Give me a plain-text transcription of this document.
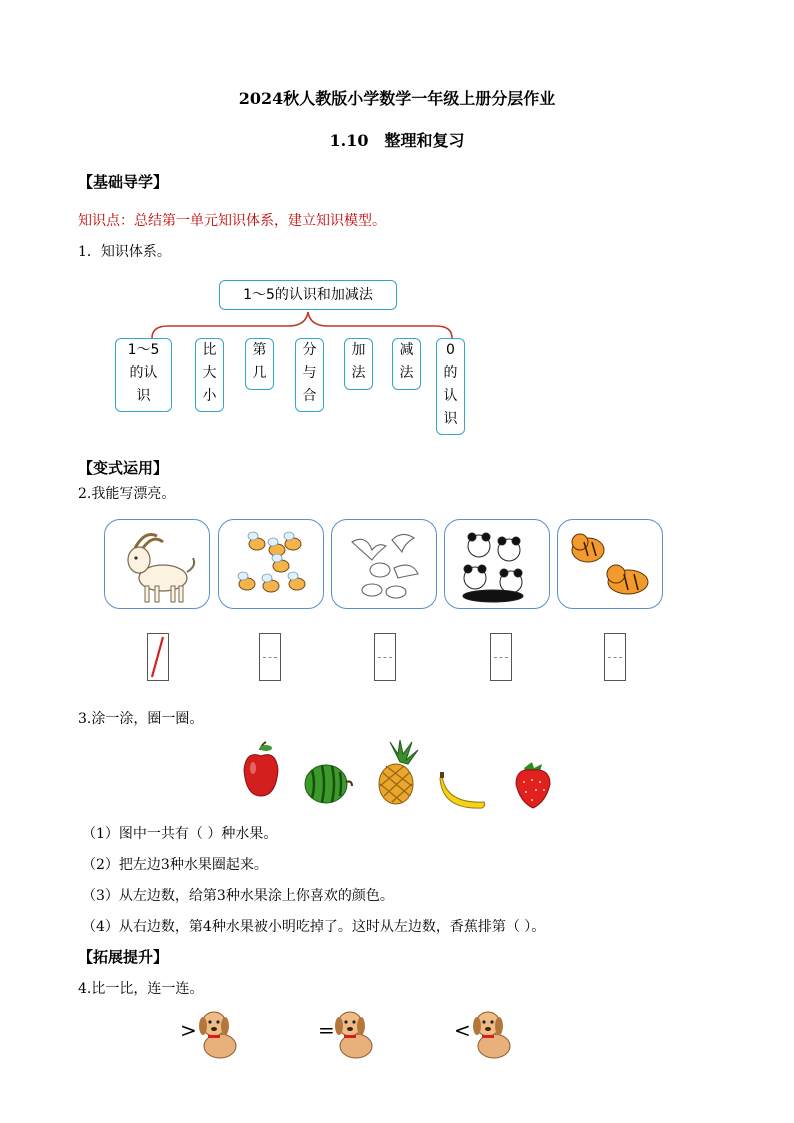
2024秋人教版小学数学一年级上册分层作业
1.10　整理和复习
【基础导学】
知识点：总结第一单元知识体系，建立知识模型。
1．知识体系。
1～5的认识和加减法
1～5
的认
识
比
大
小
第
几
分
与
合
加
法
减
法
0
的
认
识
【变式运用】
2.我能写漂亮。
3.涂一涂，圈一圈。
（1）图中一共有（ ）种水果。
（2）把左边3种水果圈起来。
（3）从左边数，给第3种水果涂上你喜欢的颜色。
（4）从右边数，第4种水果被小明吃掉了。这时从左边数，香蕉排第（ ）。
【拓展提升】
4.比一比，连一连。
>	=	<
